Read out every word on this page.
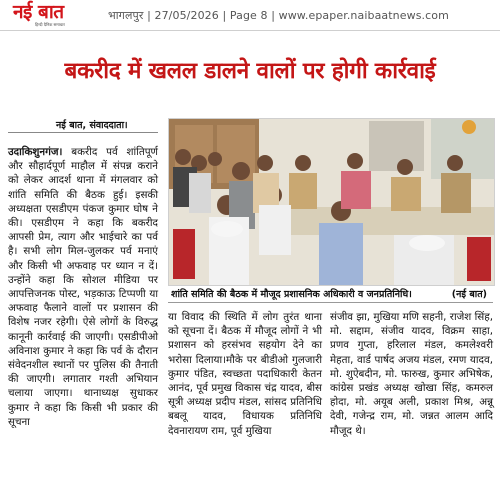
नई बात
हिन्दी दैनिक समाचार
भागलपुर | 27/05/2026 | Page 8 | www.epaper.naibaatnews.com
बकरीद में खलल डालने वालों पर होगी कार्रवाई
नई बात, संवाददाता।

उदाकिशुनगंज। बकरीद पर्व शांतिपूर्ण और सौहार्दपूर्ण माहौल में संपन्न कराने को लेकर आदर्श थाना में मंगलवार को शांति समिति की बैठक हुई। इसकी अध्यक्षता एसडीएम पंकज कुमार घोष ने की। एसडीएम ने कहा कि बकरीद आपसी प्रेम, त्याग और भाईचारे का पर्व है। सभी लोग मिल-जुलकर पर्व मनाएं और किसी भी अफवाह पर ध्यान न दें। उन्होंने कहा कि सोशल मीडिया पर आपत्तिजनक पोस्ट, भड़काऊ टिप्पणी या अफवाह फैलाने वालों पर प्रशासन की विशेष नजर रहेगी। ऐसे लोगों के विरुद्ध कानूनी कार्रवाई की जाएगी। एसडीपीओ अविनाश कुमार ने कहा कि पर्व के दौरान संवेदनशील स्थानों पर पुलिस की तैनाती की जाएगी। लगातार गश्ती अभियान चलाया जाएगा। थानाध्यक्ष सुधाकर कुमार ने कहा कि किसी भी प्रकार की सूचना

शांति समिति की बैठक में मौजूद प्रशासनिक अधिकारी व जनप्रतिनिधि।	(नई बात)

या विवाद की स्थिति में लोग तुरंत थाना को सूचना दें। बैठक में मौजूद लोगों ने भी प्रशासन को हरसंभव सहयोग देने का भरोसा दिलाया।मौके पर बीडीओ गुलजारी कुमार पंडित, स्वच्छता पदाधिकारी केतन आनंद, पूर्व प्रमुख विकास चंद्र यादव, बीस सूत्री अध्यक्ष प्रदीप मंडल, सांसद प्रतिनिधि बबलू यादव, विधायक प्रतिनिधि देवनारायण राम, पूर्व मुखिया

संजीव झा, मुखिया मणि सहनी, राजेश सिंह, मो. सद्दाम, संजीव यादव, विक्रम साहा, प्रणव गुप्ता, हरिलाल मंडल, कमलेश्वरी मेहता, वार्ड पार्षद अजय मंडल, रमण यादव, मो. शुऐबदीन, मो. फारुख, कुमार अभिषेक, कांग्रेस प्रखंड अध्यक्ष खोखा सिंह, कमरुल होदा, मो. अयूब अली, प्रकाश मिश्र, अन्नू देवी, गजेन्द्र राम, मो. जन्नत आलम आदि मौजूद थे।
